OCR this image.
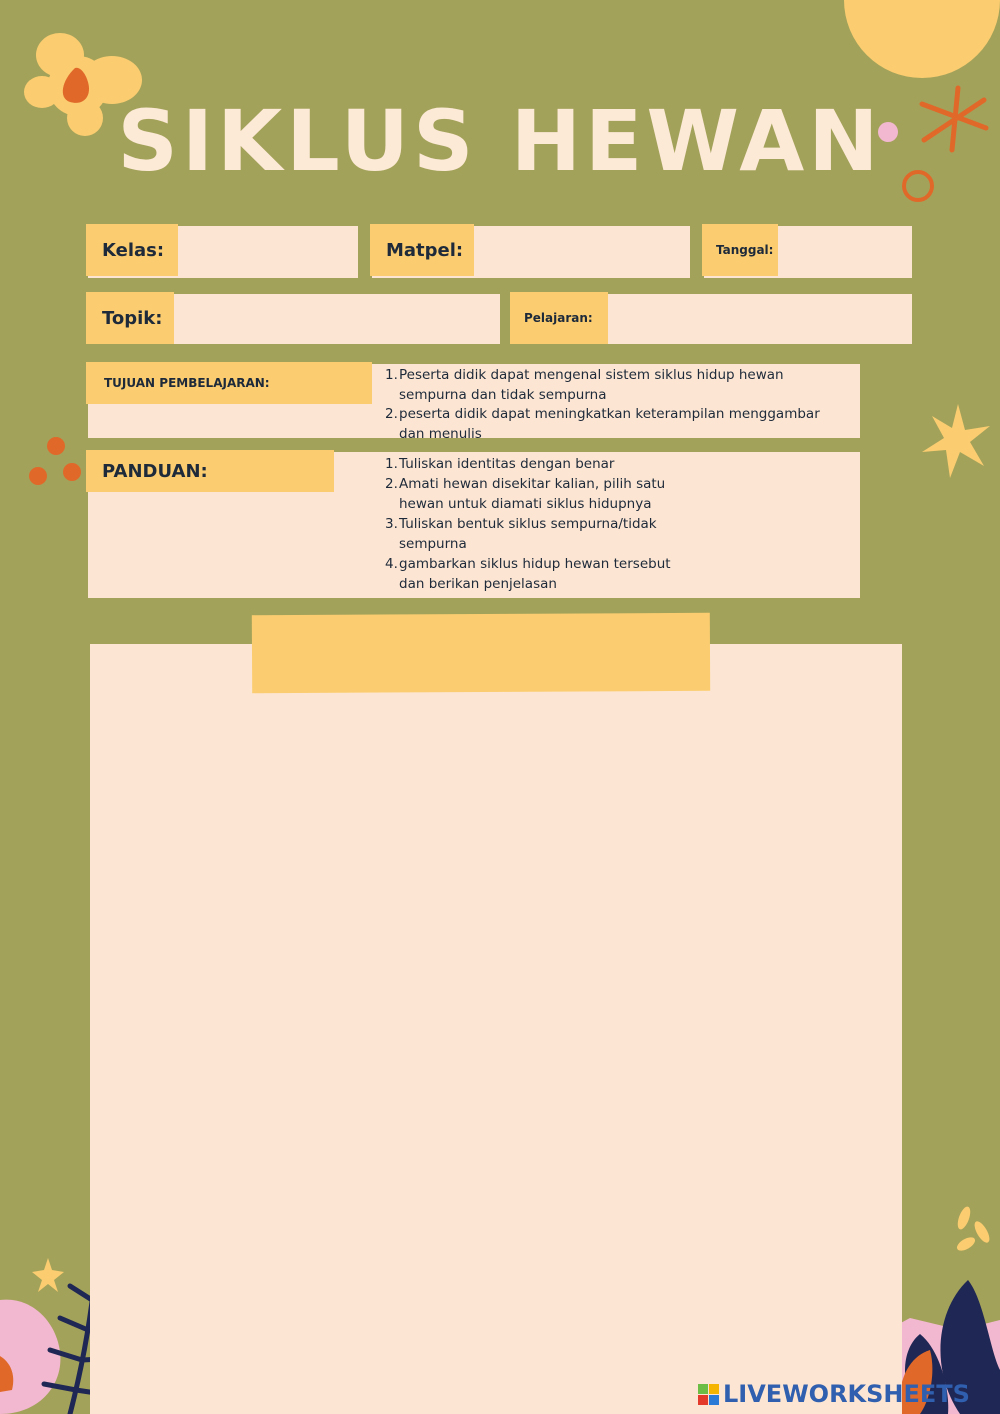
SIKLUS HEWAN
Kelas:	Matpel:	Tanggal:
Topik:	Pelajaran:
TUJUAN PEMBELAJARAN:	1. Peserta didik dapat mengenal sistem siklus hidup hewan sempurna dan tidak sempurna
2. peserta didik dapat meningkatkan keterampilan menggambar dan menulis
PANDUAN:	1. Tuliskan identitas dengan benar
2. Amati hewan disekitar kalian, pilih satu hewan untuk diamati siklus hidupnya
3. Tuliskan bentuk siklus sempurna/tidak sempurna
4. gambarkan siklus hidup hewan tersebut dan berikan penjelasan
LIVEWORKSHEETS
